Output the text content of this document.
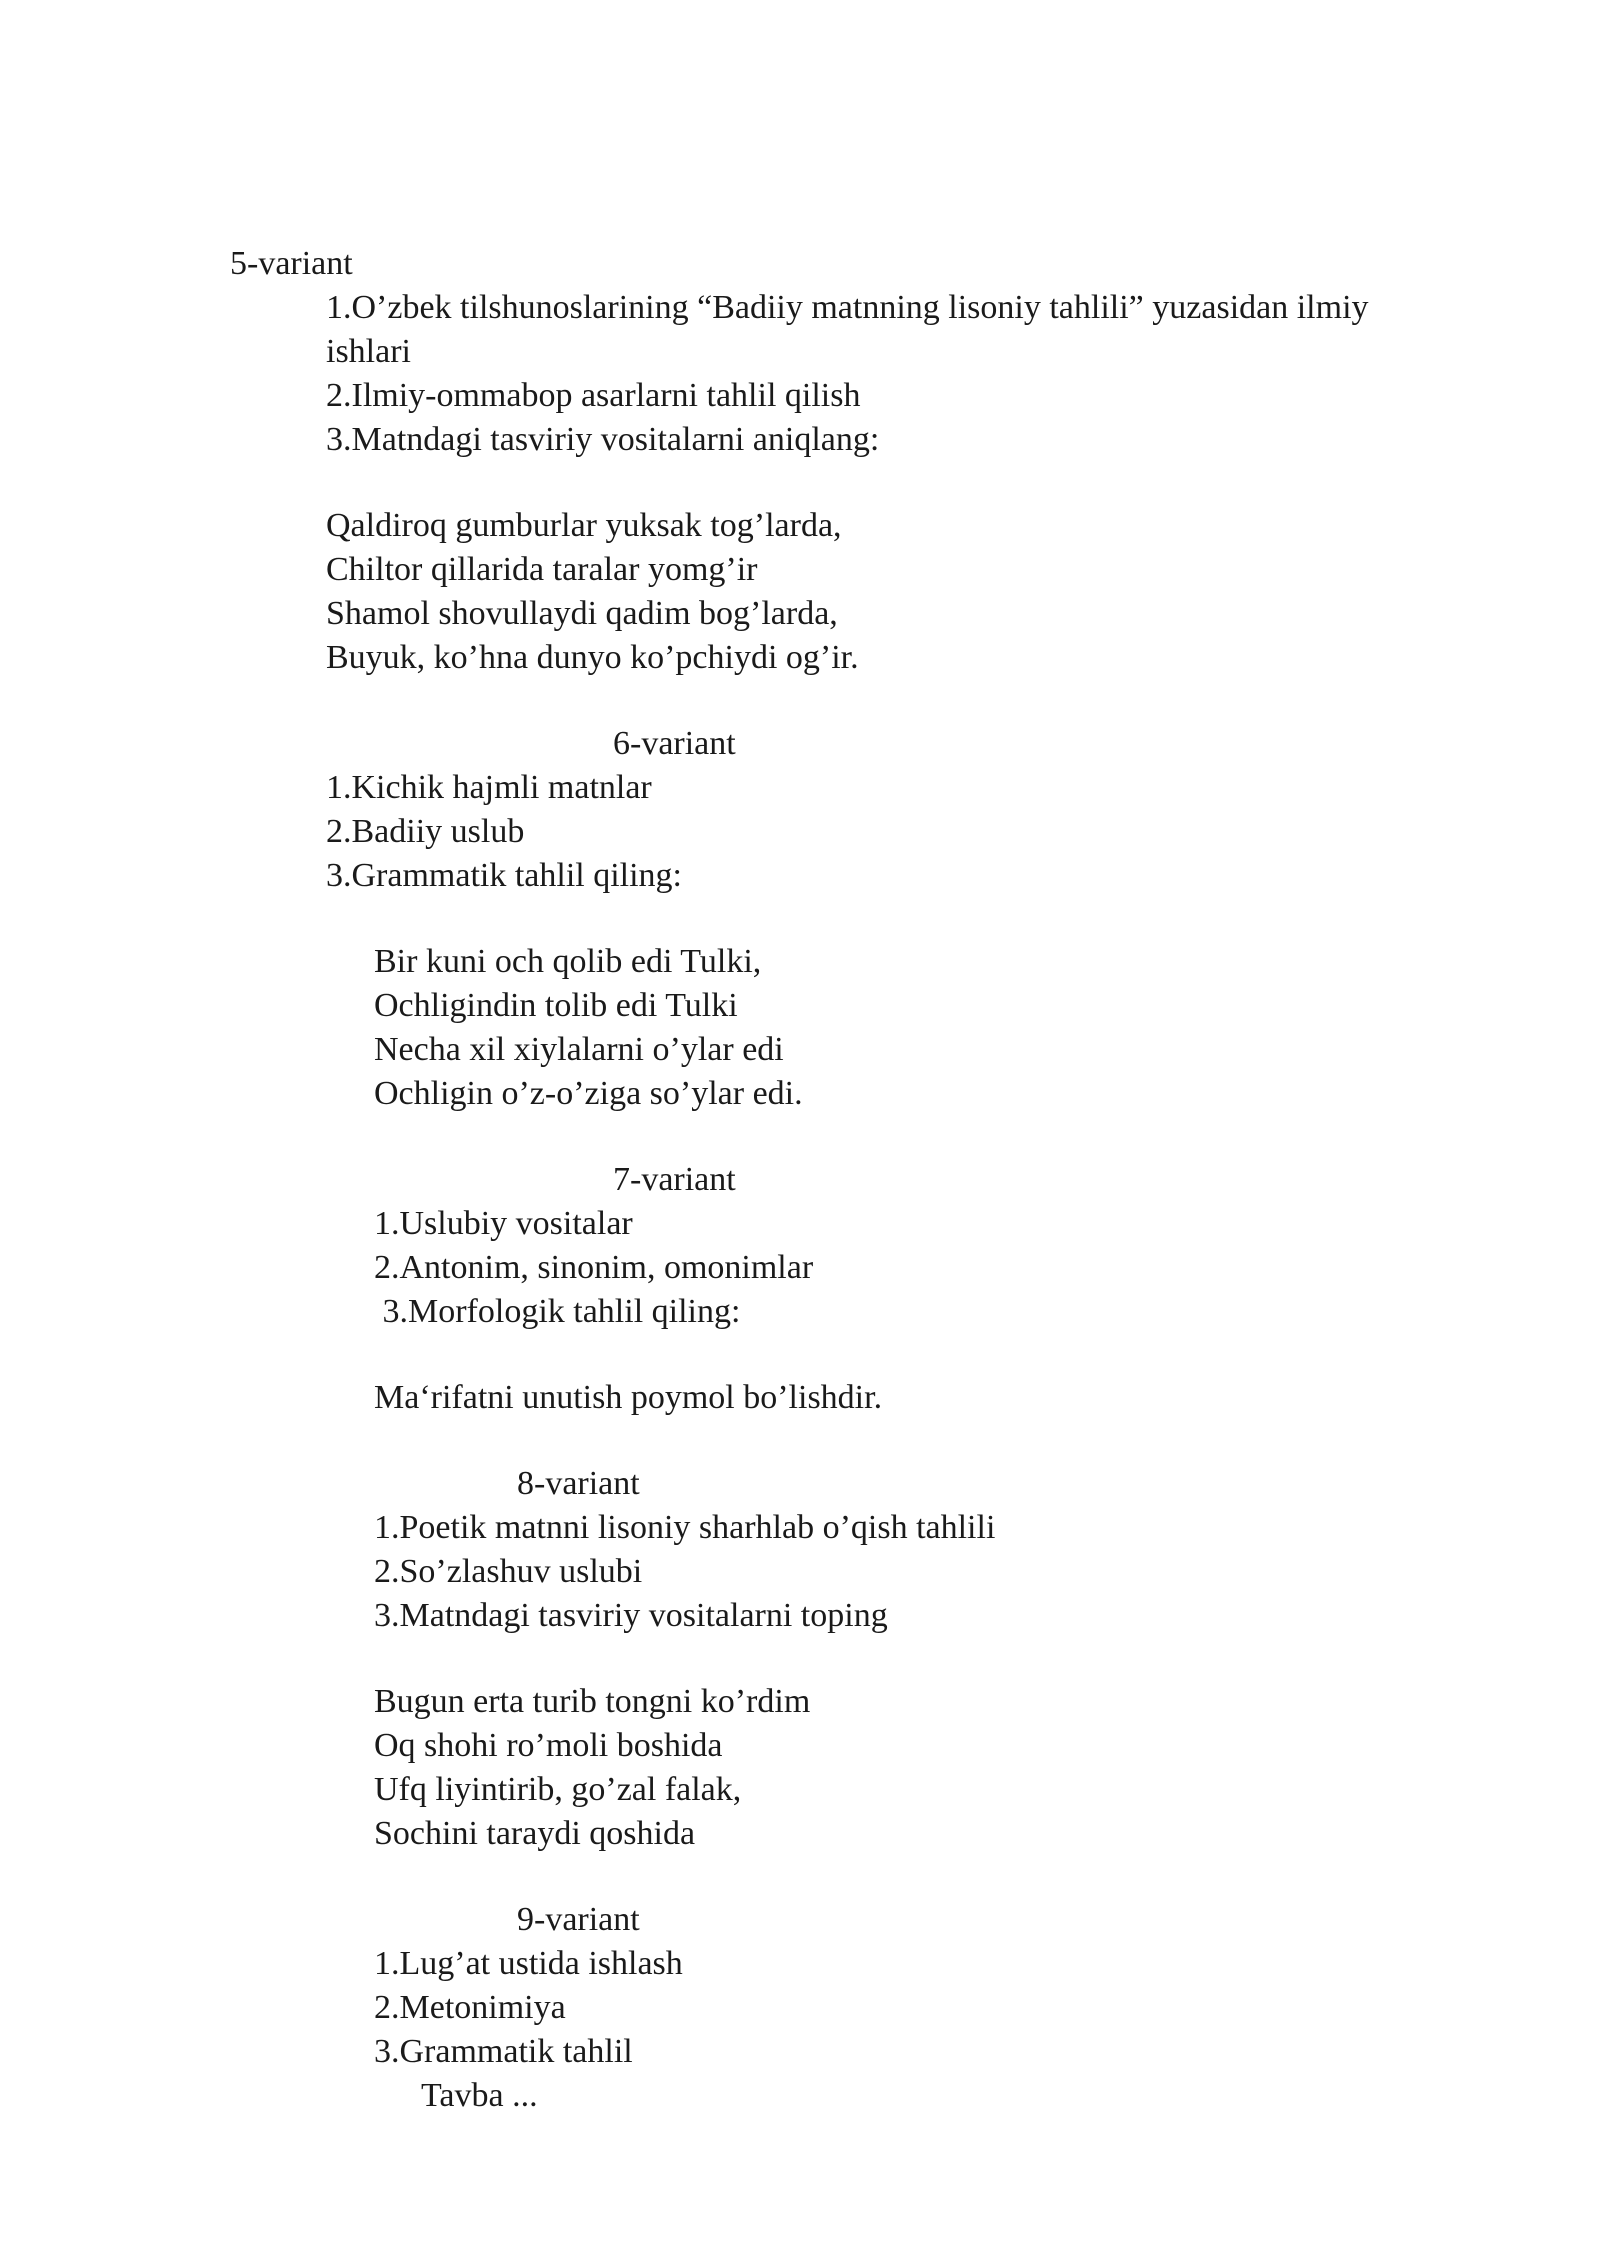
5-variant
1.O’zbek tilshunoslarining “Badiiy matnning lisoniy tahlili” yuzasidan ilmiy
ishlari
2.Ilmiy-ommabop asarlarni tahlil qilish
3.Matndagi tasviriy vositalarni aniqlang:
Qaldiroq gumburlar yuksak tog’larda,
Chiltor qillarida taralar yomg’ir
Shamol shovullaydi qadim bog’larda,
Buyuk, ko’hna dunyo ko’pchiydi og’ir.
6-variant
1.Kichik hajmli matnlar
2.Badiiy uslub
3.Grammatik tahlil qiling:
Bir kuni och qolib edi Tulki,
Ochligindin tolib edi Tulki
Necha xil xiylalarni o’ylar edi
Ochligin o’z-o’ziga so’ylar edi.
7-variant
1.Uslubiy vositalar
2.Antonim, sinonim, omonimlar
3.Morfologik tahlil qiling:
Ma‘rifatni unutish poymol bo’lishdir.
8-variant
1.Poetik matnni lisoniy sharhlab o’qish tahlili
2.So’zlashuv uslubi
3.Matndagi tasviriy vositalarni toping
Bugun erta turib tongni ko’rdim
Oq shohi ro’moli boshida
Ufq liyintirib, go’zal falak,
Sochini taraydi qoshida
9-variant
1.Lug’at ustida ishlash
2.Metonimiya
3.Grammatik tahlil
Tavba ...
